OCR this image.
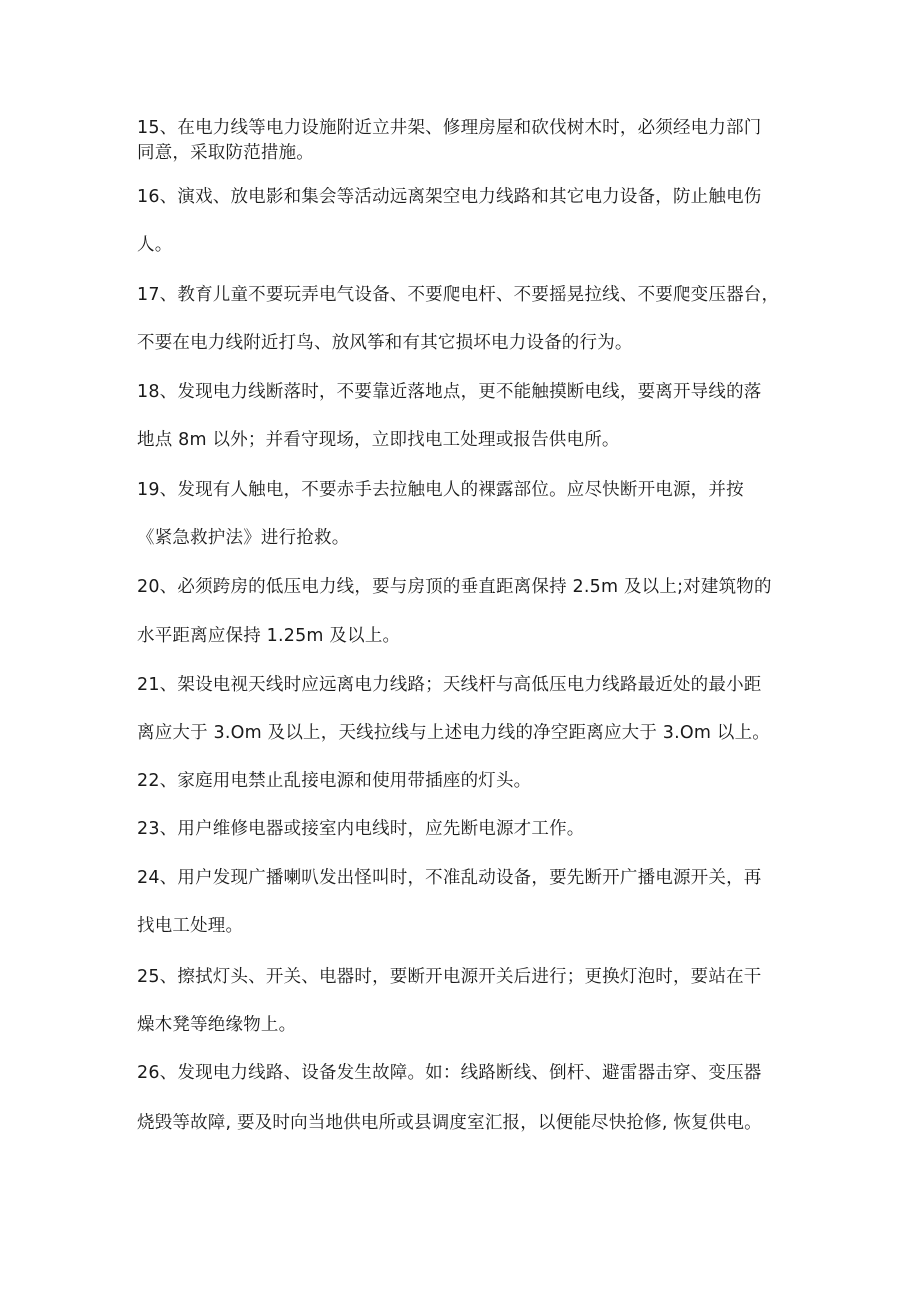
15、在电力线等电力设施附近立井架、修理房屋和砍伐树木时，必须经电力部门
同意，采取防范措施。
16、演戏、放电影和集会等活动远离架空电力线路和其它电力设备，防止触电伤
人。
17、教育儿童不要玩弄电气设备、不要爬电杆、不要摇晃拉线、不要爬变压器台，
不要在电力线附近打鸟、放风筝和有其它损坏电力设备的行为。
18、发现电力线断落时，不要靠近落地点，更不能触摸断电线，要离开导线的落
地点 8m 以外；并看守现场，立即找电工处理或报告供电所。
19、发现有人触电，不要赤手去拉触电人的裸露部位。应尽快断开电源，并按
《紧急救护法》进行抢救。
20、必须跨房的低压电力线，要与房顶的垂直距离保持 2.5m 及以上;对建筑物的
水平距离应保持 1.25m 及以上。
21、架设电视天线时应远离电力线路；天线杆与高低压电力线路最近处的最小距
离应大于 3.Om 及以上，天线拉线与上述电力线的净空距离应大于 3.Om 以上。
22、家庭用电禁止乱接电源和使用带插座的灯头。
23、用户维修电器或接室内电线时，应先断电源才工作。
24、用户发现广播喇叭发出怪叫时，不准乱动设备，要先断开广播电源开关，再
找电工处理。
25、擦拭灯头、开关、电器时，要断开电源开关后进行；更换灯泡时，要站在干
燥木凳等绝缘物上。
26、发现电力线路、设备发生故障。如：线路断线、倒杆、避雷器击穿、变压器
烧毁等故障, 要及时向当地供电所或县调度室汇报，以便能尽快抢修, 恢复供电。
